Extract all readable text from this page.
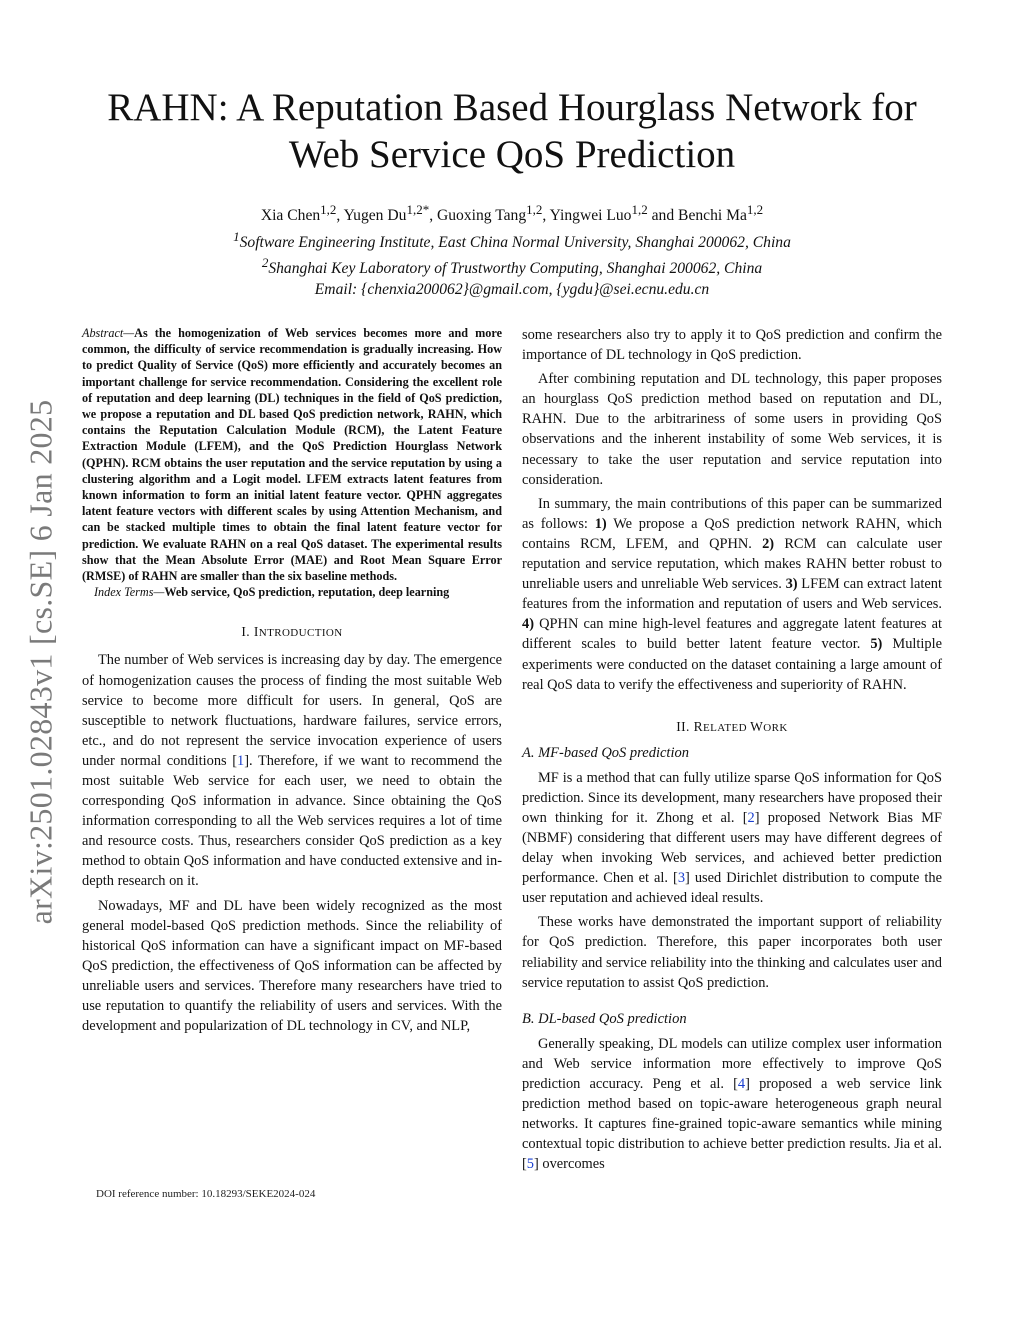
arXiv:2501.02843v1 [cs.SE] 6 Jan 2025
RAHN: A Reputation Based Hourglass Network for
Web Service QoS Prediction
Xia Chen$^{1,2}$, Yugen $Du^{1,2*}$, Guoxing Tang$^{1,2}$, Yingwei Luo$^{1,2}$ and Benchi Ma$^{1,2}$
$^1$Software Engineering Institute, East China Normal University, Shanghai 200062, China
$^2$Shanghai Key Laboratory of Trustworthy Computing, Shanghai 200062, China
Email: {chenxia200062}@gmail.com, {ygdu}@sei.ecnu.edu.cn

Abstract—As the homogenization of Web services becomes more and more common, the difficulty of service recommendation is gradually increasing. How to predict Quality of Service (QoS) more efficiently and accurately becomes an important challenge for service recommendation. Considering the excellent role of reputation and deep learning (DL) techniques in the field of QoS prediction, we propose a reputation and DL based QoS prediction network, RAHN, which contains the Reputation Calculation Module (RCM), the Latent Feature Extraction Module (LFEM), and the QoS Prediction Hourglass Network (QPHN). RCM obtains the user reputation and the service reputation by using a clustering algorithm and a Logit model. LFEM extracts latent features from known information to form an initial latent feature vector. QPHN aggregates latent feature vectors with different scales by using Attention Mechanism, and can be stacked multiple times to obtain the final latent feature vector for prediction. We evaluate RAHN on a real QoS dataset. The experimental results show that the Mean Absolute Error (MAE) and Root Mean Square Error (RMSE) of RAHN are smaller than the six baseline methods.

Index Terms—Web service, QoS prediction, reputation, deep learning

I. INTRODUCTION

The number of Web services is increasing day by day. The emergence of homogenization causes the process of finding the most suitable Web service to become more difficult for users. In general, QoS are susceptible to network fluctuations, hardware failures, service errors, etc., and do not represent the service invocation experience of users under normal conditions [1]. Therefore, if we want to recommend the most suitable Web service for each user, we need to obtain the corresponding QoS information in advance. Since obtaining the QoS information corresponding to all the Web services requires a lot of time and resource costs. Thus, researchers consider QoS prediction as a key method to obtain QoS information and have conducted extensive and in-depth research on it.

Nowadays, MF and DL have been widely recognized as the most general model-based QoS prediction methods. Since the reliability of historical QoS information can have a significant impact on MF-based QoS prediction, the effectiveness of QoS information can be affected by unreliable users and services. Therefore many researchers have tried to use reputation to quantify the reliability of users and services. With the development and popularization of DL technology in CV, and NLP,

DOI reference number: 10.18293/SEKE2024-024

some researchers also try to apply it to QoS prediction and confirm the importance of DL technology in QoS prediction.

After combining reputation and DL technology, this paper proposes an hourglass QoS prediction method based on reputation and DL, RAHN. Due to the arbitrariness of some users in providing QoS observations and the inherent instability of some Web services, it is necessary to take the user reputation and service reputation into consideration.

In summary, the main contributions of this paper can be summarized as follows: 1) We propose a QoS prediction network RAHN, which contains RCM, LFEM, and QPHN. 2) RCM can calculate user reputation and service reputation, which makes RAHN better robust to unreliable users and unreliable Web services. 3) LFEM can extract latent features from the information and reputation of users and Web services. 4) QPHN can mine high-level features and aggregate latent features at different scales to build better latent feature vector. 5) Multiple experiments were conducted on the dataset containing a large amount of real QoS data to verify the effectiveness and superiority of RAHN.

II. RELATED WORK
A. MF-based QoS prediction

MF is a method that can fully utilize sparse QoS information for QoS prediction. Since its development, many researchers have proposed their own thinking for it. Zhong et al. [2] proposed Network Bias MF (NBMF) considering that different users may have different degrees of delay when invoking Web services, and achieved better prediction performance. Chen et al. [3] used Dirichlet distribution to compute the user reputation and achieved ideal results.

These works have demonstrated the important support of reliability for QoS prediction. Therefore, this paper incorporates both user reliability and service reliability into the thinking and calculates user and service reputation to assist QoS prediction.

B. DL-based QoS prediction

Generally speaking, DL models can utilize complex user information and Web service information more effectively to improve QoS prediction accuracy. Peng et al. [4] proposed a web service link prediction method based on topic-aware heterogeneous graph neural networks. It captures fine-grained topic-aware semantics while mining contextual topic distribution to achieve better prediction results. Jia et al. [5] overcomes
